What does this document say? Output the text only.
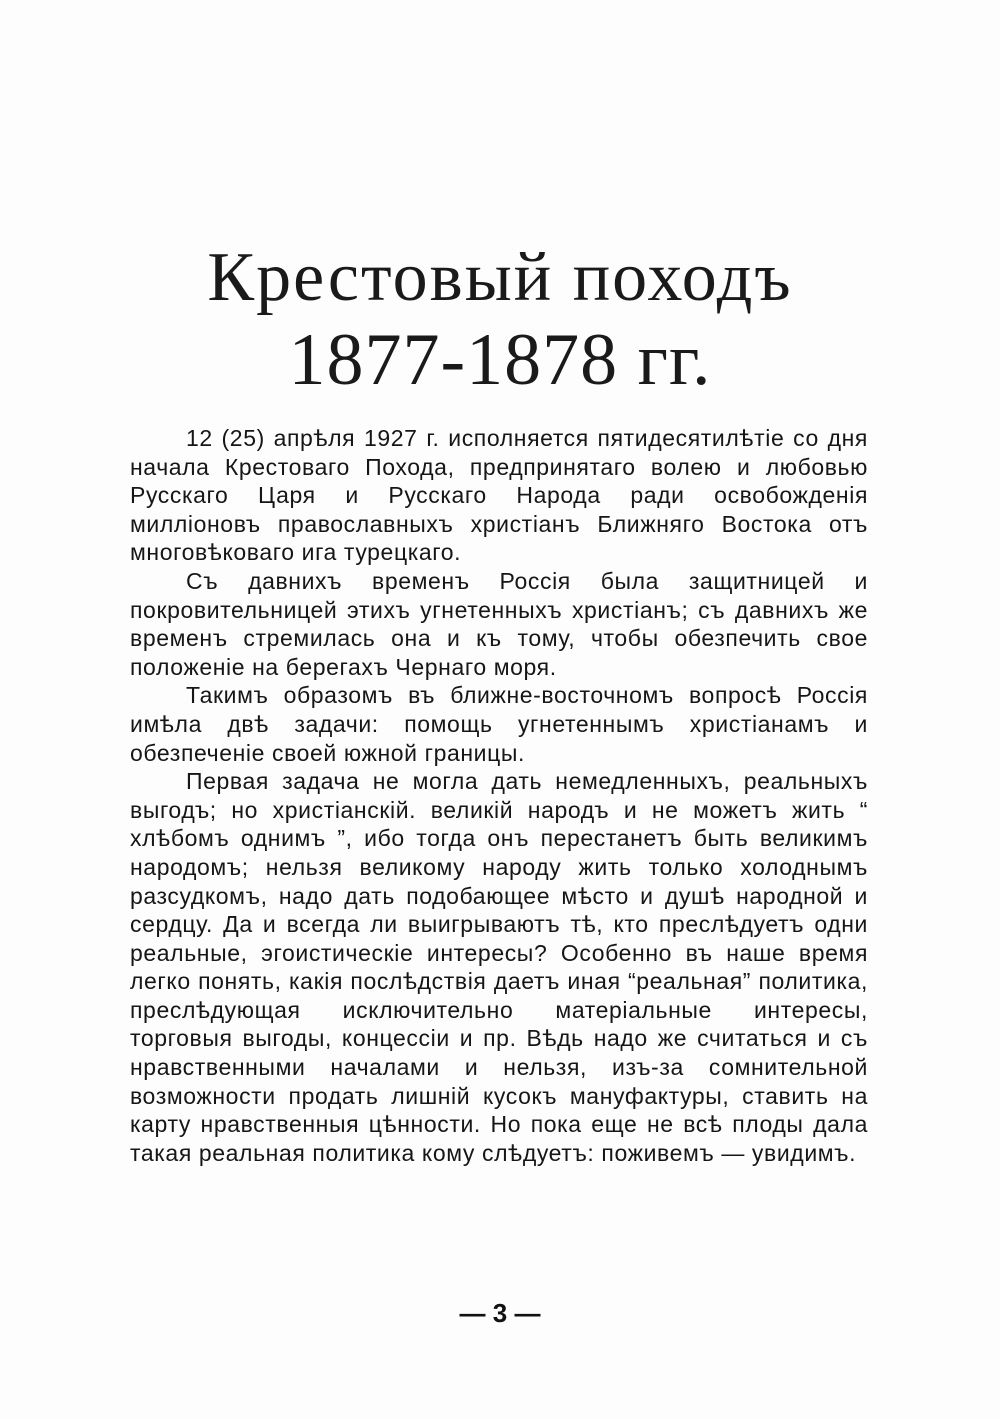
Крестовый походъ
1877-1878 гг.

12 (25) апрѣля 1927 г. исполняется пятидесятилѣтіе со дня начала Крестоваго Похода, предпринятаго волею и любовью Русскаго Царя и Русскаго Народа ради освобожденія милліоновъ православныхъ христіанъ Ближняго Востока отъ многовѣковаго ига турецкаго.

Съ давнихъ временъ Россія была защитницей и покровительницей этихъ угнетенныхъ христіанъ; съ давнихъ же временъ стремилась она и къ тому, чтобы обезпечить свое положеніе на берегахъ Чернаго моря.

Такимъ образомъ въ ближне-восточномъ вопросѣ Россія имѣла двѣ задачи: помощь угнетеннымъ христіанамъ и обезпеченіе своей южной границы.

Первая задача не могла дать немедленныхъ, реальныхъ выгодъ; но христіанскій. великій народъ и не можетъ жить “ хлѣбомъ однимъ ”, ибо тогда онъ перестанетъ быть великимъ народомъ; нельзя великому народу жить только холоднымъ разсудкомъ, надо дать подобающее мѣсто и душѣ народной и сердцу. Да и всегда ли выигрываютъ тѣ, кто преслѣдуетъ одни реальные, эгоистическіе интересы? Особенно въ наше время легко понять, какія послѣдствія даетъ иная “реальная” политика, преслѣдующая исключительно матеріальные интересы, торговыя выгоды, концессіи и пр. Вѣдь надо же считаться и съ нравственными началами и нельзя, изъ-за сомнительной возможности продать лишній кусокъ мануфактуры, ставить на карту нравственныя цѣнности. Но пока еще не всѣ плоды дала такая реальная политика кому слѣдуетъ: поживемъ — увидимъ.

— 3 —
